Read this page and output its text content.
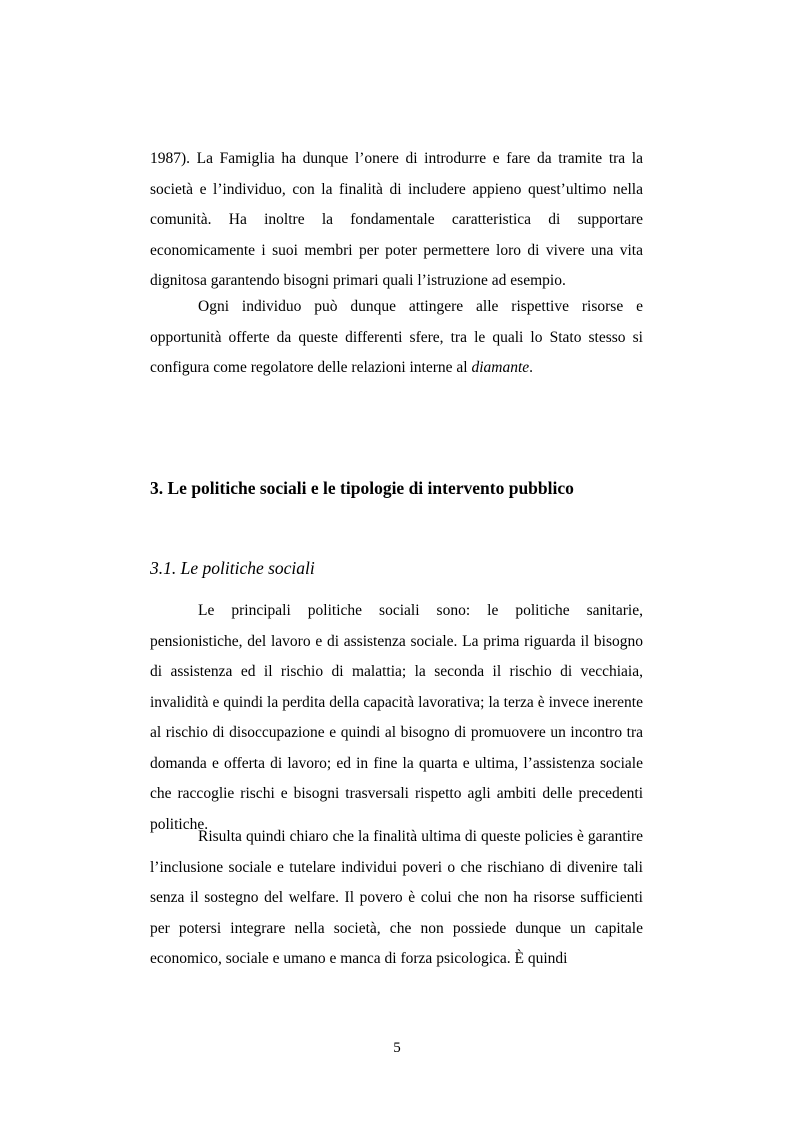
1987). La Famiglia ha dunque l’onere di introdurre e fare da tramite tra la società e l’individuo, con la finalità di includere appieno quest’ultimo nella comunità. Ha inoltre la fondamentale caratteristica di supportare economicamente i suoi membri per poter permettere loro di vivere una vita dignitosa garantendo bisogni primari quali l’istruzione ad esempio.

Ogni individuo può dunque attingere alle rispettive risorse e opportunità offerte da queste differenti sfere, tra le quali lo Stato stesso si configura come regolatore delle relazioni interne al diamante.

3. Le politiche sociali e le tipologie di intervento pubblico
3.1. Le politiche sociali

Le principali politiche sociali sono: le politiche sanitarie, pensionistiche, del lavoro e di assistenza sociale. La prima riguarda il bisogno di assistenza ed il rischio di malattia; la seconda il rischio di vecchiaia, invalidità e quindi la perdita della capacità lavorativa; la terza è invece inerente al rischio di disoccupazione e quindi al bisogno di promuovere un incontro tra domanda e offerta di lavoro; ed in fine la quarta e ultima, l’assistenza sociale che raccoglie rischi e bisogni trasversali rispetto agli ambiti delle precedenti politiche.

Risulta quindi chiaro che la finalità ultima di queste policies è garantire l’inclusione sociale e tutelare individui poveri o che rischiano di divenire tali senza il sostegno del welfare. Il povero è colui che non ha risorse sufficienti per potersi integrare nella società, che non possiede dunque un capitale economico, sociale e umano e manca di forza psicologica. È quindi

5
